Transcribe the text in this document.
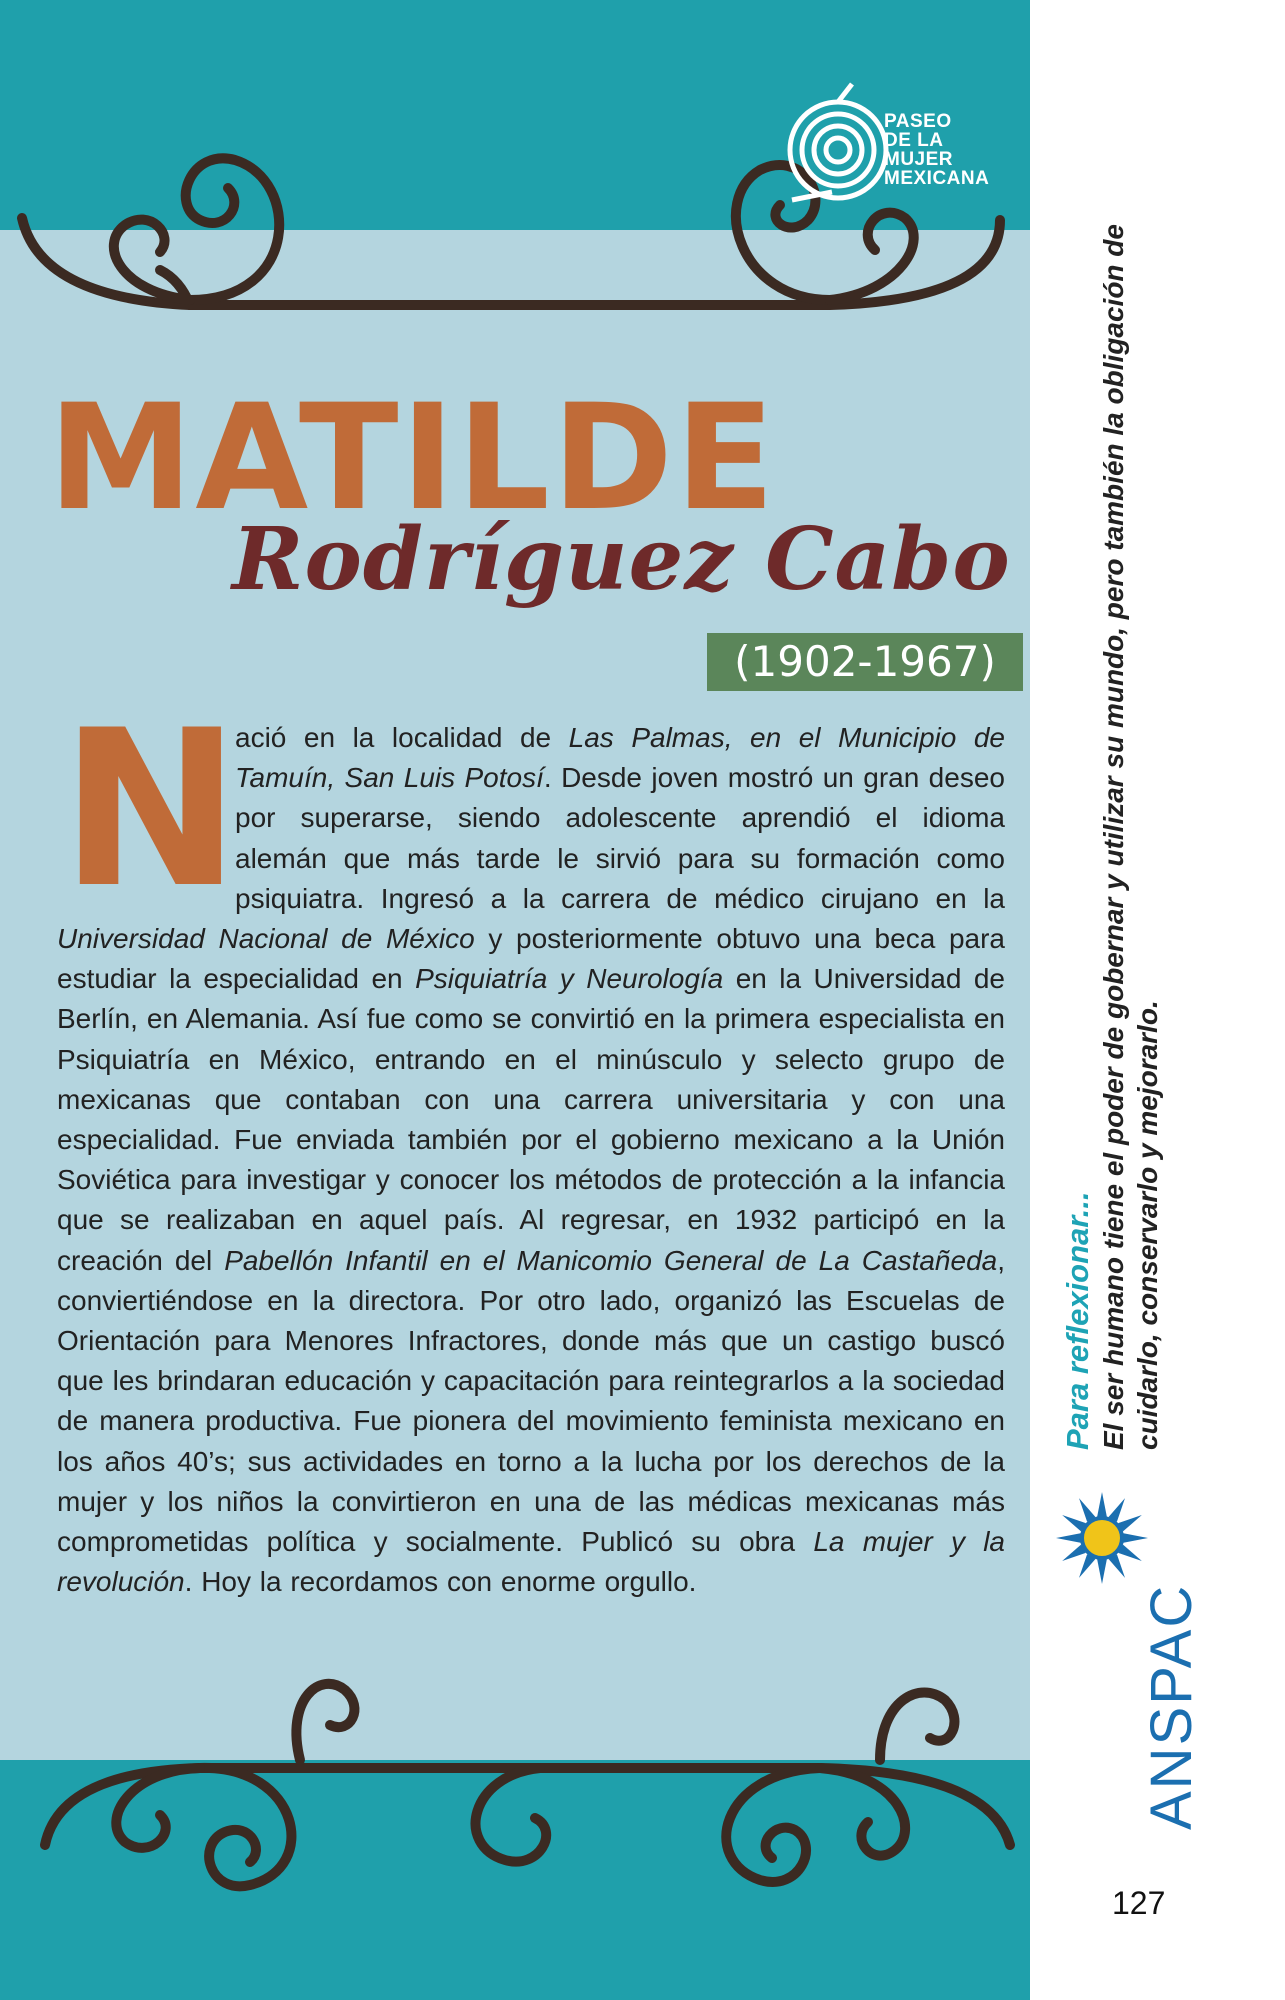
PASEO
DE LA
MUJER
MEXICANA

MATILDE
Rodríguez Cabo

(1902-1967)

N

ació en la localidad de Las Palmas, en el Municipio de Tamuín, San Luis Potosí. Desde joven mostró un gran deseo por superarse, siendo adolescente aprendió el idioma alemán que más tarde le sirvió para su formación como psiquiatra. Ingresó a la carrera de médico cirujano en la Universidad Nacional de México y posteriormente obtuvo una beca para estudiar la especialidad en Psiquiatría y Neurología en la Universidad de Berlín, en Alemania. Así fue como se convirtió en la primera especialista en Psiquiatría en México, entrando en el minúsculo y selecto grupo de mexicanas que contaban con una carrera universitaria y con una especialidad. Fue enviada también por el gobierno mexicano a la Unión Soviética para investigar y conocer los métodos de protección a la infancia que se realizaban en aquel país. Al regresar, en 1932 participó en la creación del Pabellón Infantil en el Manicomio General de La Castañeda, conviertiéndose en la directora. Por otro lado, organizó las Escuelas de Orientación para Menores Infractores, donde más que un castigo buscó que les brindaran educación y capacitación para reintegrarlos a la sociedad de manera productiva. Fue pionera del movimiento feminista mexicano en los años 40’s; sus actividades en torno a la lucha por los derechos de la mujer y los niños la convirtieron en una de las médicas mexicanas más comprometidas política y socialmente. Publicó su obra La mujer y la revolución. Hoy la recordamos con enorme orgullo.

Para reflexionar... El ser humano tiene el poder de gobernar y utilizar su mundo, pero también la obligación de cuidarlo, conservarlo y mejorarlo.

ANSPAC

127
